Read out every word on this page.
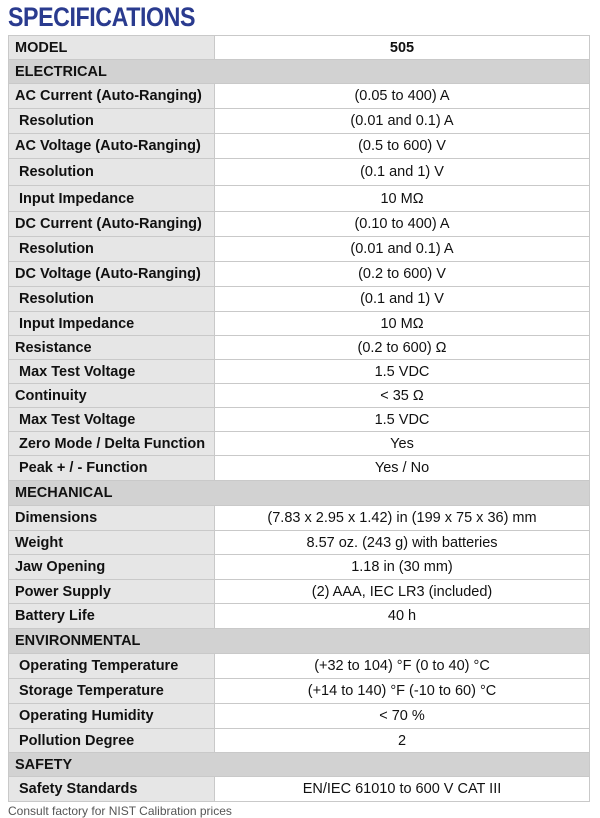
SPECIFICATIONS
MODEL	505
ELECTRICAL	
AC Current (Auto-Ranging)	(0.05 to 400) A
Resolution	(0.01 and 0.1) A
AC Voltage (Auto-Ranging)	(0.5 to 600) V
Resolution	(0.1 and 1) V
Input Impedance	10 MΩ
DC Current (Auto-Ranging)	(0.10 to 400) A
Resolution	(0.01 and 0.1) A
DC Voltage (Auto-Ranging)	(0.2 to 600) V
Resolution	(0.1 and 1) V
Input Impedance	10 MΩ
Resistance	(0.2 to 600) Ω
Max Test Voltage	1.5 VDC
Continuity	< 35 Ω
Max Test Voltage	1.5 VDC
Zero Mode / Delta Function	Yes
Peak + / - Function	Yes / No
MECHANICAL	
Dimensions	(7.83 x 2.95 x 1.42) in (199 x 75 x 36) mm
Weight	8.57 oz. (243 g) with batteries
Jaw Opening	1.18 in (30 mm)
Power Supply	(2) AAA, IEC LR3 (included)
Battery Life	40 h
ENVIRONMENTAL	
Operating Temperature	(+32 to 104) °F (0 to 40) °C
Storage Temperature	(+14 to 140) °F (-10 to 60) °C
Operating Humidity	< 70 %
Pollution Degree	2
SAFETY	
Safety Standards	EN/IEC 61010 to 600 V CAT III
Consult factory for NIST Calibration prices
